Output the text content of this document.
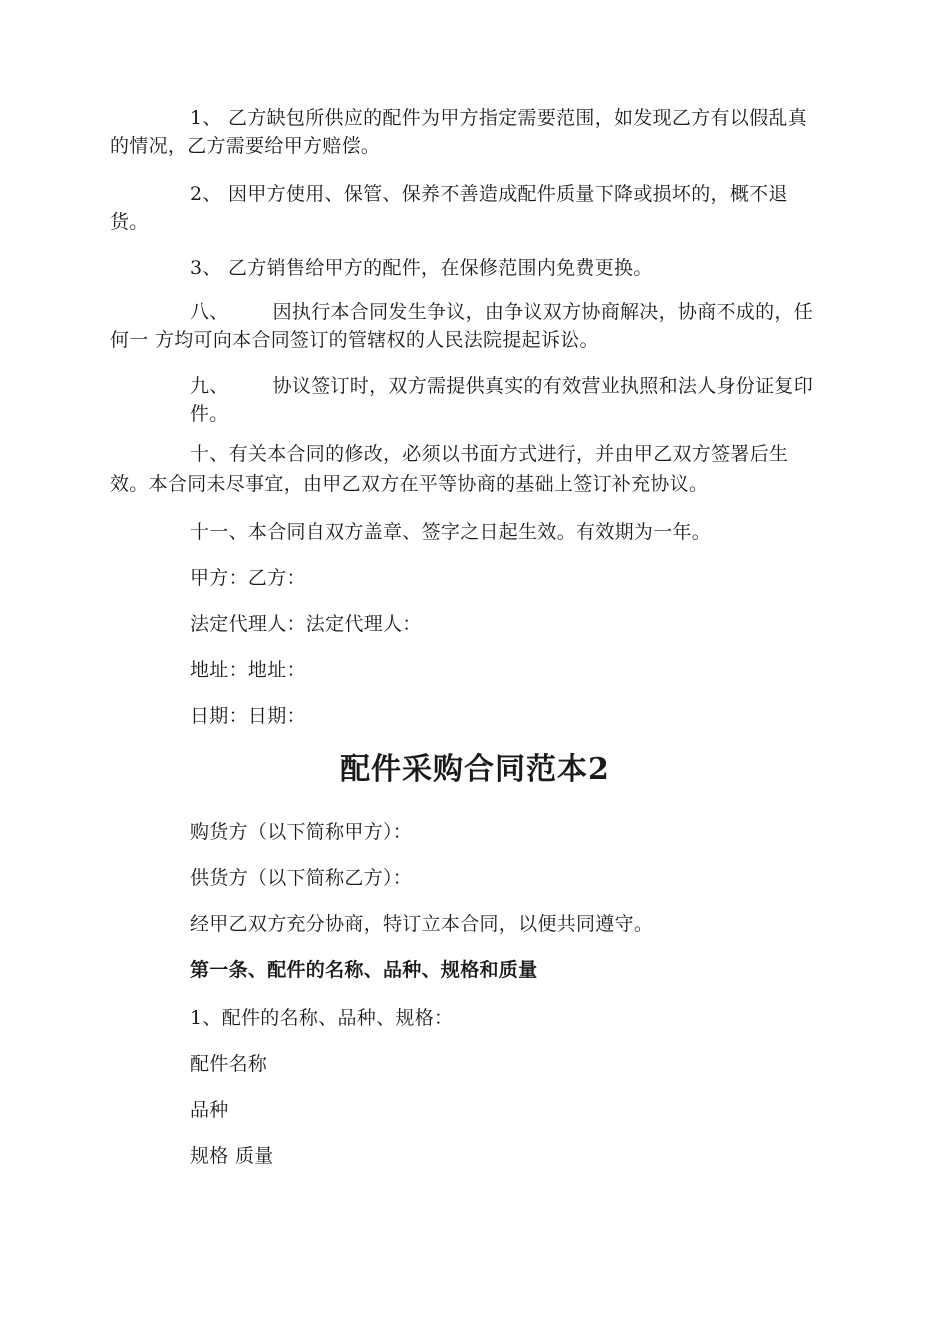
1、 乙方缺包所供应的配件为甲方指定需要范围，如发现乙方有以假乱真
的情况，乙方需要给甲方赔偿。
2、 因甲方使用、保管、保养不善造成配件质量下降或损坏的，概不退
货。
3、 乙方销售给甲方的配件，在保修范围内免费更换。
八、 因执行本合同发生争议，由争议双方协商解决，协商不成的，任
何一 方均可向本合同签订的管辖权的人民法院提起诉讼。
九、 协议签订时，双方需提供真实的有效营业执照和法人身份证复印
件。
十、有关本合同的修改，必须以书面方式进行，并由甲乙双方签署后生
效。本合同未尽事宜，由甲乙双方在平等协商的基础上签订补充协议。
十一、本合同自双方盖章、签字之日起生效。有效期为一年。
甲方：乙方：
法定代理人：法定代理人：
地址：地址：
日期：日期：
配件采购合同范本2
购货方（以下简称甲方）：
供货方（以下简称乙方）：
经甲乙双方充分协商，特订立本合同，以便共同遵守。
第一条、配件的名称、品种、规格和质量
1、配件的名称、品种、规格：
配件名称
品种
规格 质量
